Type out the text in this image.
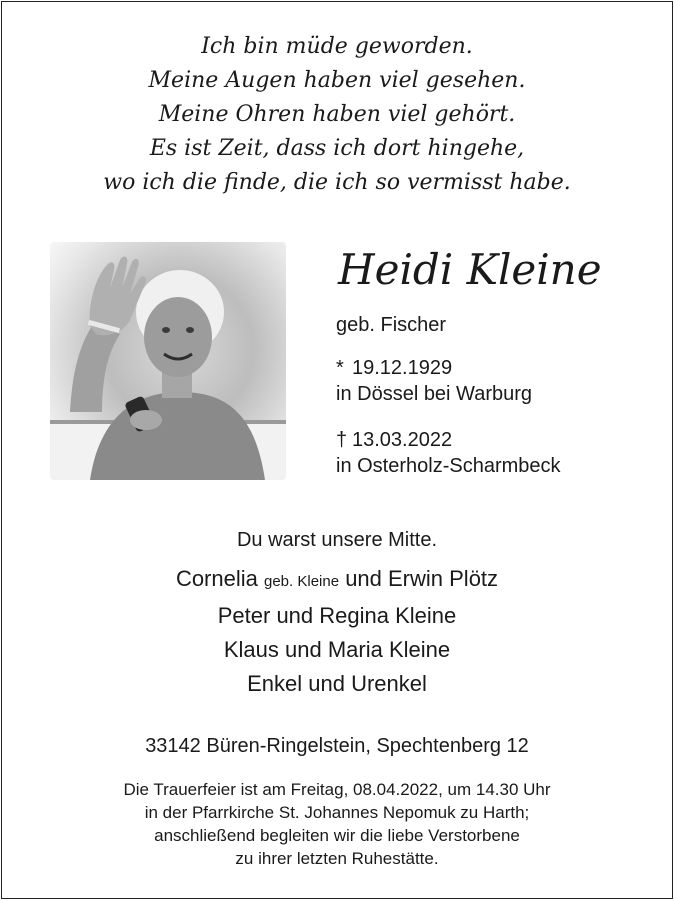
Ich bin müde geworden.
Meine Augen haben viel gesehen.
Meine Ohren haben viel gehört.
Es ist Zeit, dass ich dort hingehe,
wo ich die finde, die ich so vermisst habe.
Heidi Kleine
geb. Fischer
* 19.12.1929
in Dössel bei Warburg
† 13.03.2022
in Osterholz-Scharmbeck
Du warst unsere Mitte.
Cornelia geb. Kleine und Erwin Plötz
Peter und Regina Kleine
Klaus und Maria Kleine
Enkel und Urenkel
33142 Büren-Ringelstein, Spechtenberg 12
Die Trauerfeier ist am Freitag, 08.04.2022, um 14.30 Uhr
in der Pfarrkirche St. Johannes Nepomuk zu Harth;
anschließend begleiten wir die liebe Verstorbene
zu ihrer letzten Ruhestätte.
